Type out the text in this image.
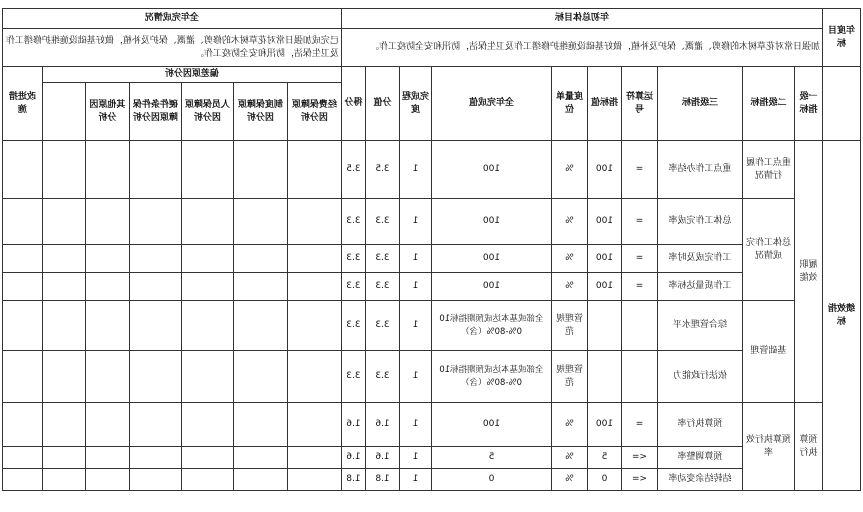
年度目标	年初总体目标										全年完成情况						
	加强日常对花草树木的修剪、灌溉、保护及补植，做好基础设施维护修缮工作及卫生保洁，防汛和安全防疫工作。										已完成加强日常对花草树木的修剪、灌溉、保护及补植，做好基础设施维护修缮工作及卫生保洁，防汛和安全防疫工作。						
	一级指标	二级指标	三级指标	运算符号	指标值	度量单位	全年完成值	完成程度	分值	得分	偏差原因分析						改进措施
											经费保障原因分析	制度保障原因分析	人员保障原因分析	硬件条件保障原因分析	其他原因分析		
绩效指标	履职效能	重点工作履行情况	重点工作办结率	=	100	%	100	1	3.5	3.5							
		总体工作完成情况	总体工作完成率	=	100	%	100	1	3.3	3.3							
			工作完成及时率	=	100	%	100	1	3.3	3.3							
			工作质量达标率	=	100	%	100	1	3.3	3.3							
		基础管理	综合管理水平			管理规范	全部或基本达成预期指标100%-80%（含）	1	3.3	3.3							
			依法行政能力			管理规范	全部或基本达成预期指标100%-80%（含）	1	3.3	3.3							
	预算执行	预算执行效率	预算执行率	=	100	%	100	1	1.6	1.6							
			预算调整率	<=	5	%	5	1	1.6	1.6							
			结转结余变动率	<=	0	%	0	1	1.8	1.8							
